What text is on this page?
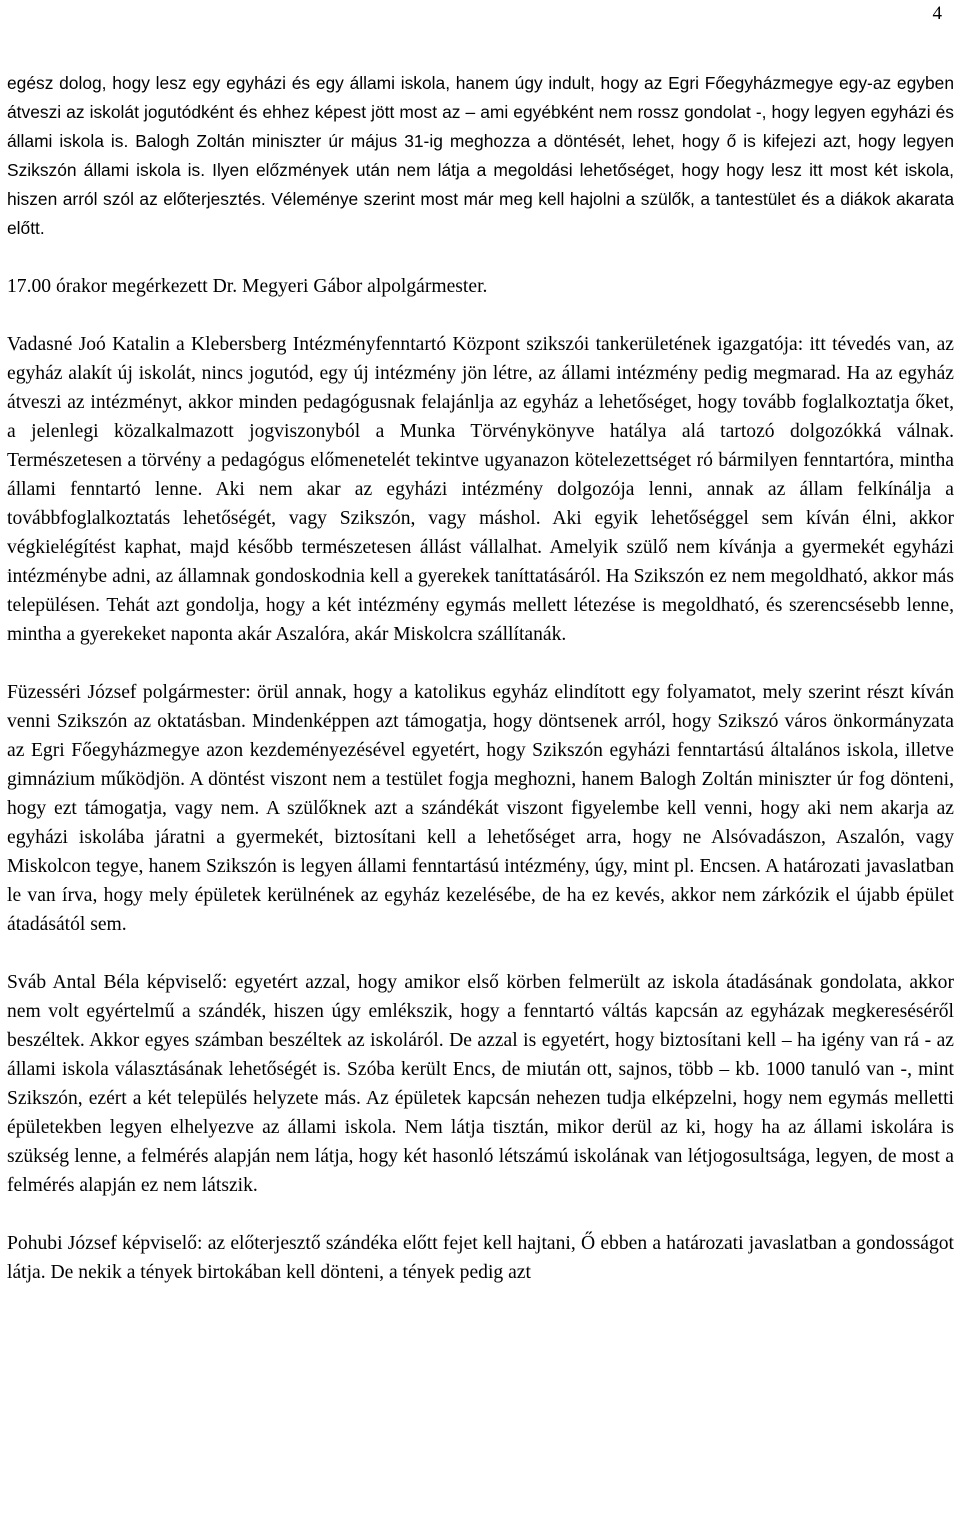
4

egész dolog, hogy lesz egy egyházi és egy állami iskola, hanem úgy indult, hogy az Egri Főegyházmegye egy-az egyben átveszi az iskolát jogutódként és ehhez képest jött most az – ami egyébként nem rossz gondolat -, hogy legyen egyházi és állami iskola is. Balogh Zoltán miniszter úr május 31-ig meghozza a döntését, lehet, hogy ő is kifejezi azt, hogy legyen Szikszón állami iskola is. Ilyen előzmények után nem látja a megoldási lehetőséget, hogy hogy lesz itt most két iskola, hiszen arról szól az előterjesztés. Véleménye szerint most már meg kell hajolni a szülők, a tantestület és a diákok akarata előtt.

17.00 órakor megérkezett Dr. Megyeri Gábor alpolgármester.

Vadasné Joó Katalin a Klebersberg Intézményfenntartó Központ szikszói tankerületének igazgatója: itt tévedés van, az egyház alakít új iskolát, nincs jogutód, egy új intézmény jön létre, az állami intézmény pedig megmarad. Ha az egyház átveszi az intézményt, akkor minden pedagógusnak felajánlja az egyház a lehetőséget, hogy tovább foglalkoztatja őket, a jelenlegi közalkalmazott jogviszonyból a Munka Törvénykönyve hatálya alá tartozó dolgozókká válnak. Természetesen a törvény a pedagógus előmenetelét tekintve ugyanazon kötelezettséget ró bármilyen fenntartóra, mintha állami fenntartó lenne. Aki nem akar az egyházi intézmény dolgozója lenni, annak az állam felkínálja a továbbfoglalkoztatás lehetőségét, vagy Szikszón, vagy máshol. Aki egyik lehetőséggel sem kíván élni, akkor végkielégítést kaphat, majd később természetesen állást vállalhat. Amelyik szülő nem kívánja a gyermekét egyházi intézménybe adni, az államnak gondoskodnia kell a gyerekek taníttatásáról. Ha Szikszón ez nem megoldható, akkor más településen. Tehát azt gondolja, hogy a két intézmény egymás mellett létezése is megoldható, és szerencsésebb lenne, mintha a gyerekeket naponta akár Aszalóra, akár Miskolcra szállítanák.

Füzesséri József polgármester: örül annak, hogy a katolikus egyház elindított egy folyamatot, mely szerint részt kíván venni Szikszón az oktatásban. Mindenképpen azt támogatja, hogy döntsenek arról, hogy Szikszó város önkormányzata az Egri Főegyházmegye azon kezdeményezésével egyetért, hogy Szikszón egyházi fenntartású általános iskola, illetve gimnázium működjön. A döntést viszont nem a testület fogja meghozni, hanem Balogh Zoltán miniszter úr fog dönteni, hogy ezt támogatja, vagy nem. A szülőknek azt a szándékát viszont figyelembe kell venni, hogy aki nem akarja az egyházi iskolába járatni a gyermekét, biztosítani kell a lehetőséget arra, hogy ne Alsóvadászon, Aszalón, vagy Miskolcon tegye, hanem Szikszón is legyen állami fenntartású intézmény, úgy, mint pl. Encsen. A határozati javaslatban le van írva, hogy mely épületek kerülnének az egyház kezelésébe, de ha ez kevés, akkor nem zárkózik el újabb épület átadásától sem.

Sváb Antal Béla képviselő: egyetért azzal, hogy amikor első körben felmerült az iskola átadásának gondolata, akkor nem volt egyértelmű a szándék, hiszen úgy emlékszik, hogy a fenntartó váltás kapcsán az egyházak megkereséséről beszéltek. Akkor egyes számban beszéltek az iskoláról. De azzal is egyetért, hogy biztosítani kell – ha igény van rá - az állami iskola választásának lehetőségét is. Szóba került Encs, de miután ott, sajnos, több – kb. 1000 tanuló van -, mint Szikszón, ezért a két település helyzete más. Az épületek kapcsán nehezen tudja elképzelni, hogy nem egymás melletti épületekben legyen elhelyezve az állami iskola. Nem látja tisztán, mikor derül az ki, hogy ha az állami iskolára is szükség lenne, a felmérés alapján nem látja, hogy két hasonló létszámú iskolának van létjogosultsága, legyen, de most a felmérés alapján ez nem látszik.

Pohubi József képviselő: az előterjesztő szándéka előtt fejet kell hajtani, Ő ebben a határozati javaslatban a gondosságot látja. De nekik a tények birtokában kell dönteni, a tények pedig azt
